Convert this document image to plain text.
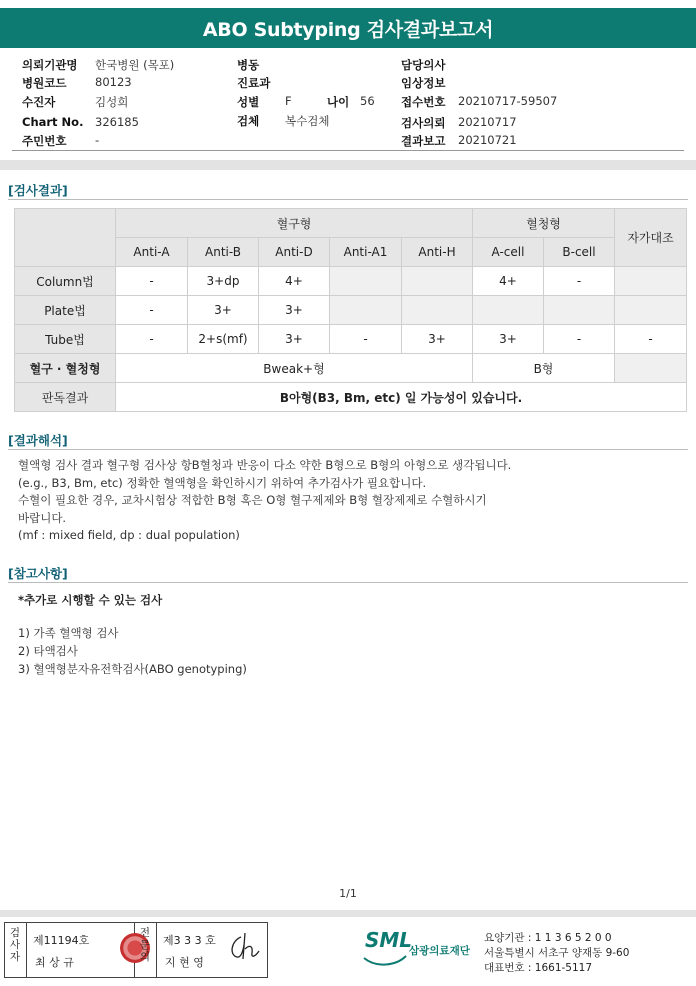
ABO Subtyping 검사결과보고서
의뢰기관명 한국병원 (목포)
병원코드 80123
수진자	김성희
Chart No. 326185
주민번호 -
병동
진료과
성별 F	나이 56
검체 복수검체
담당의사
임상정보
접수번호 20210717-59507
검사의뢰 20210717
결과보고 20210721
[검사결과]
	혈구형					혈청형		자가대조
	Anti-A	Anti-B	Anti-D	Anti-A1	Anti-H	A-cell	B-cell	
Column법	-	3+dp	4+			4+	-	
Plate법	-	3+	3+					
Tube법	-	2+s(mf)	3+	-	3+	3+	-	-
혈구 · 혈청형	Bweak+형					B형		
판독결과	B아형(B3, Bm, etc) 일 가능성이 있습니다.							
[결과해석]
혈액형 검사 결과 혈구형 검사상 항B혈청과 반응이 다소 약한 B형으로 B형의 아형으로 생각됩니다.
(e.g., B3, Bm, etc) 정확한 혈액형을 확인하시기 위하여 추가검사가 필요합니다.
수혈이 필요한 경우, 교차시험상 적합한 B형 혹은 O형 혈구제제와 B형 혈장제제로 수혈하시기
바랍니다.
(mf : mixed field, dp : dual population)
[참고사항]
*추가로 시행할 수 있는 검사
1) 가족 혈액형 검사
2) 타액검사
3) 혈액형분자유전학검사(ABO genotyping)
1/1
검사자
제11194호
최 상 규
전문의
제3 3 3 호
지 현 영
SML
삼광의료재단
요양기관 : 1 1 3 6 5 2 0 0
서울특별시 서초구 양재동 9-60
대표번호 : 1661-5117
